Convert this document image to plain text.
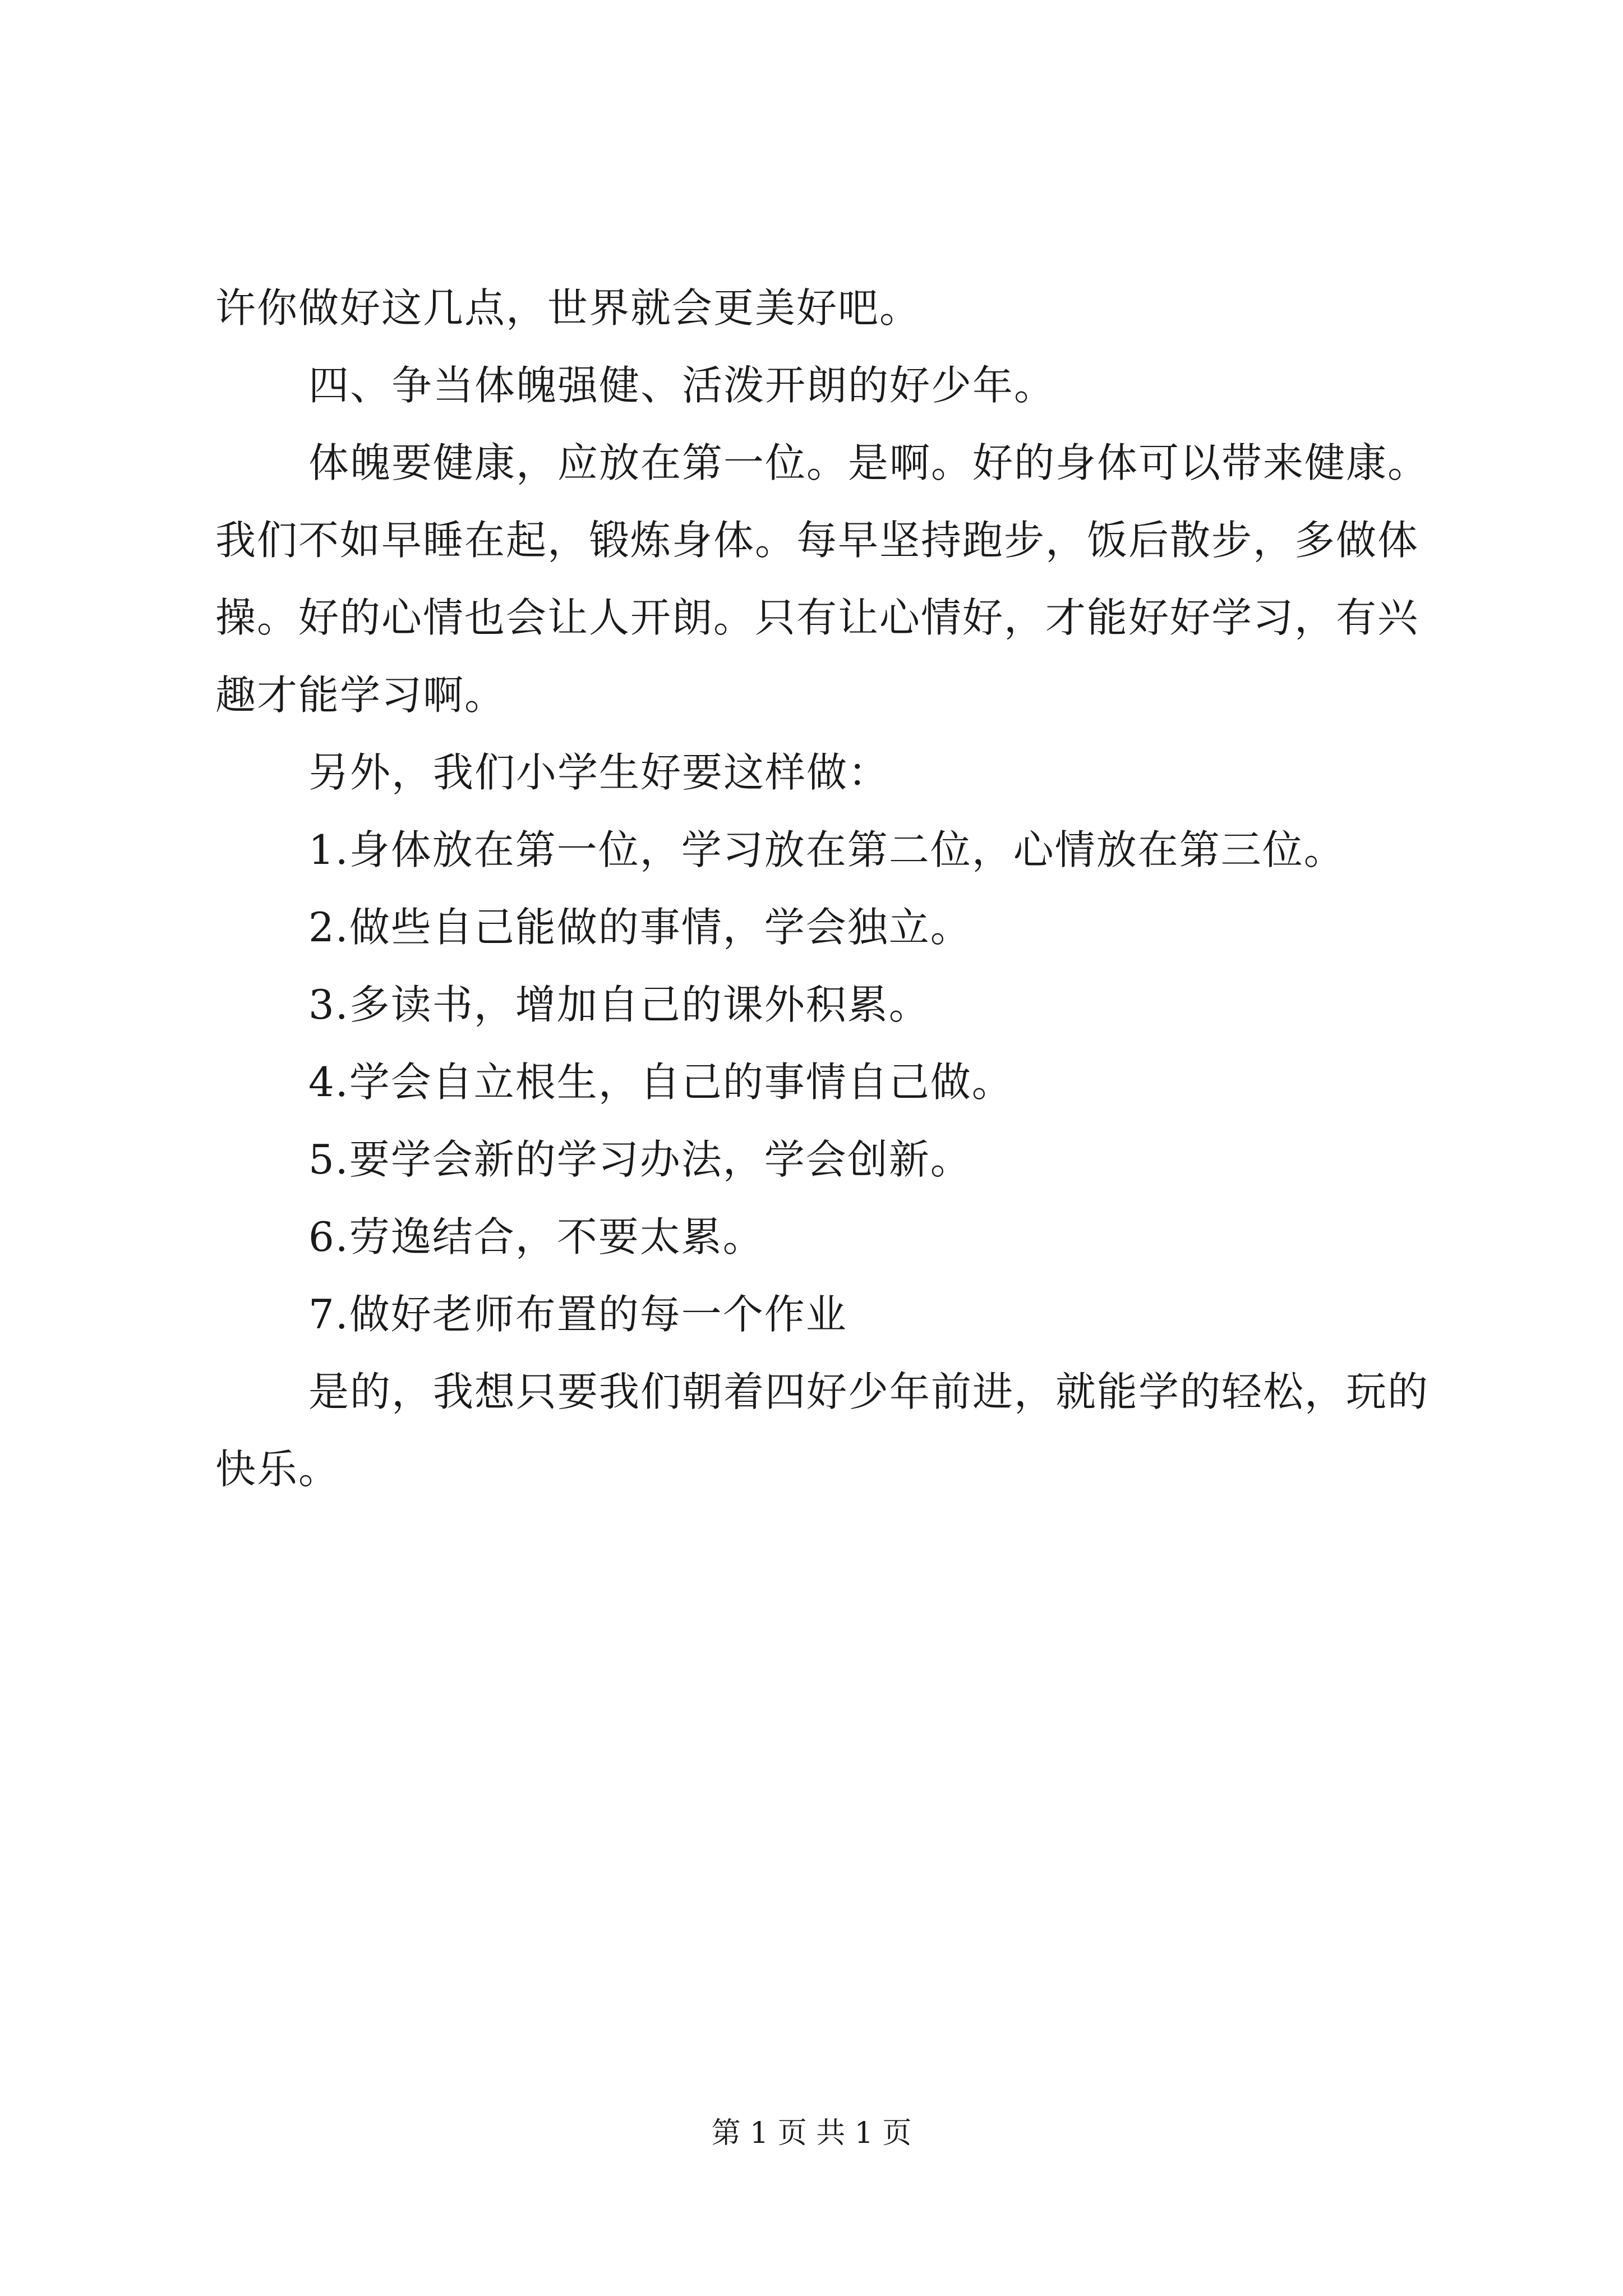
许你做好这几点，世界就会更美好吧。

四、争当体魄强健、活泼开朗的好少年。

体魄要健康，应放在第一位。是啊。好的身体可以带来健康。我们不如早睡在起，锻炼身体。每早坚持跑步，饭后散步，多做体操。好的心情也会让人开朗。只有让心情好，才能好好学习，有兴趣才能学习啊。

另外，我们小学生好要这样做：

1.身体放在第一位，学习放在第二位，心情放在第三位。

2.做些自己能做的事情，学会独立。

3.多读书，增加自己的课外积累。

4.学会自立根生，自己的事情自己做。

5.要学会新的学习办法，学会创新。

6.劳逸结合，不要太累。

7.做好老师布置的每一个作业

是的，我想只要我们朝着四好少年前进，就能学的轻松，玩的快乐。

第 1 页 共 1 页
